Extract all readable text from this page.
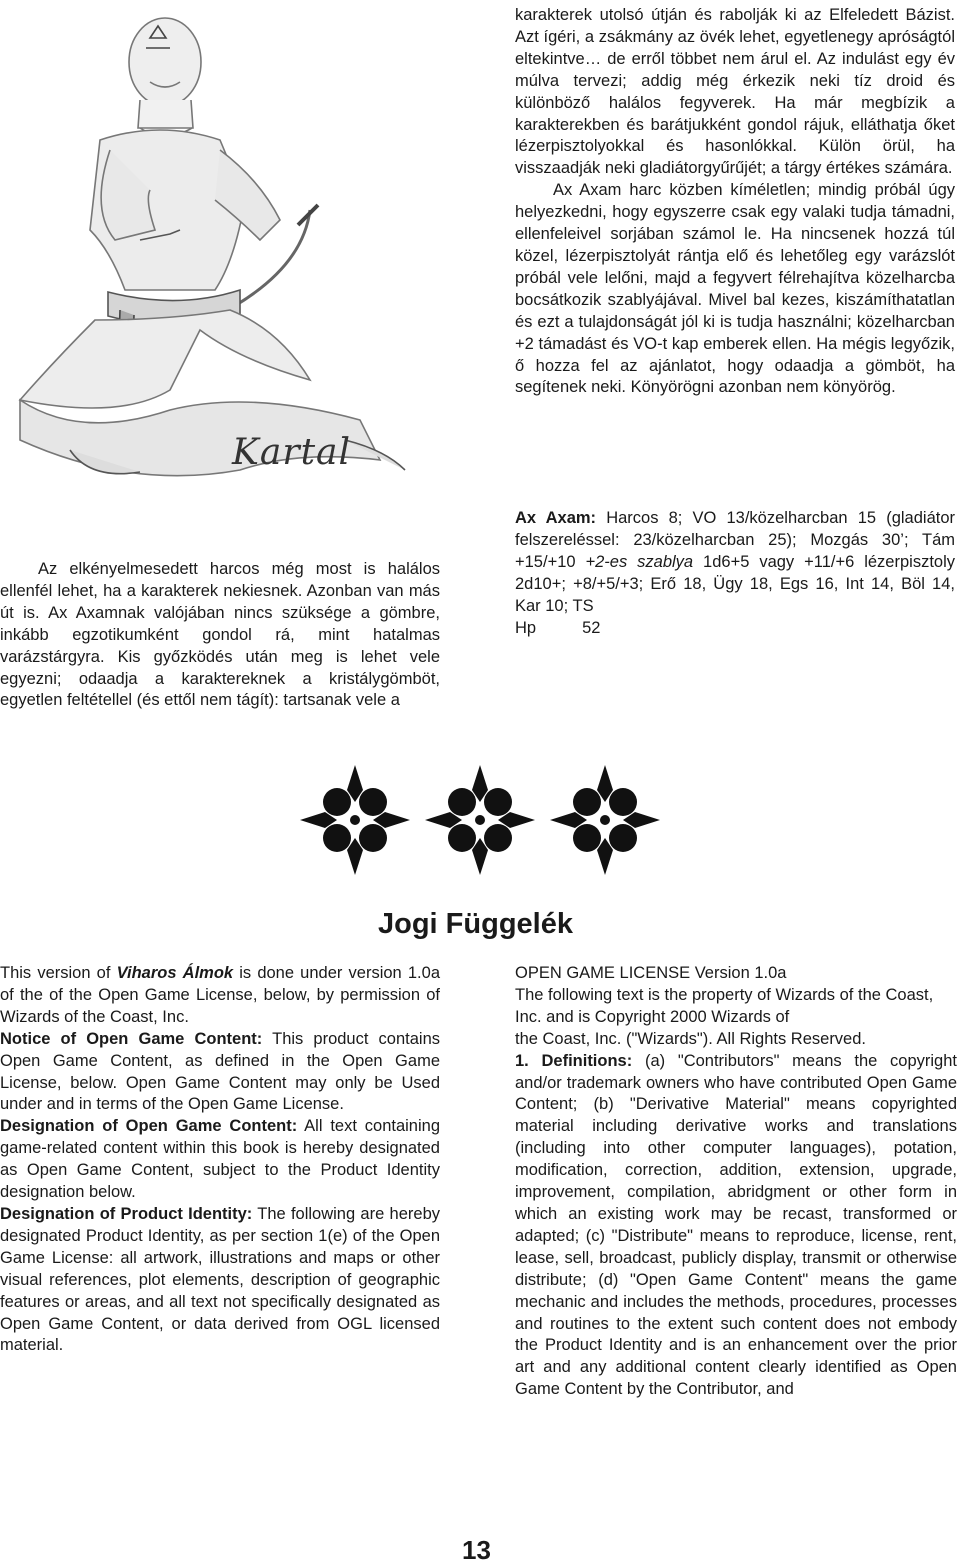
Kartal

karakterek utolsó útján és rabolják ki az Elfeledett Bázist. Azt ígéri, a zsákmány az övék lehet, egyetlenegy apróságtól eltekintve… de erről többet nem árul el. Az indulást egy év múlva tervezi; addig még érkezik neki tíz droid és különböző halálos fegyverek. Ha már megbízik a karakterekben és barátjukként gondol rájuk, elláthatja őket lézerpisztolyokkal és hasonlókkal. Külön örül, ha visszaadják neki gladiátorgyűrűjét; a tárgy értékes számára.

Ax Axam harc közben kíméletlen; mindig próbál úgy helyezkedni, hogy egyszerre csak egy valaki tudja támadni, ellenfeleivel sorjában számol le. Ha nincsenek hozzá túl közel, lézerpisztolyát rántja elő és lehetőleg egy varázslót próbál vele lelőni, majd a fegyvert félrehajítva közelharcba bocsátkozik szablyájával. Mivel bal kezes, kiszámíthatatlan és ezt a tulajdonságát jól ki is tudja használni; közelharcban +2 támadást és VO-t kap emberek ellen. Ha mégis legyőzik, ő hozza fel az ajánlatot, hogy odaadja a gömböt, ha segítenek neki. Könyörögni azonban nem könyörög.

Az elkényelmesedett harcos még most is halálos ellenfél lehet, ha a karakterek nekiesnek. Azonban van más út is. Ax Axamnak valójában nincs szüksége a gömbre, inkább egzotikumként gondol rá, mint hatalmas varázstárgyra. Kis győzködés után meg is lehet vele egyezni; odaadja a karaktereknek a kristálygömböt, egyetlen feltétellel (és ettől nem tágít): tartsanak vele a

Ax Axam: Harcos 8; VO 13/közelharcban 15 (gladiátor felszereléssel: 23/közelharcban 25); Mozgás 30’; Tám +15/+10 +2-es szablya 1d6+5 vagy +11/+6 lézerpisztoly 2d10+; +8/+5/+3; Erő 18, Ügy 18, Egs 16, Int 14, Böl 14, Kar 10; TS

Hp	52

Jogi Függelék

This version of Viharos Álmok is done under version 1.0a of the of the Open Game License, below, by permission of Wizards of the Coast, Inc.

Notice of Open Game Content: This product contains Open Game Content, as defined in the Open Game License, below. Open Game Content may only be Used under and in terms of the Open Game License.

Designation of Open Game Content: All text containing game-related content within this book is hereby designated as Open Game Content, subject to the Product Identity designation below.

Designation of Product Identity: The following are hereby designated Product Identity, as per section 1(e) of the Open Game License: all artwork, illustrations and maps or other visual references, plot elements, description of geographic features or areas, and all text not specifically designated as Open Game Content, or data derived from OGL licensed material.

OPEN GAME LICENSE Version 1.0a

The following text is the property of Wizards of the Coast, Inc. and is Copyright 2000 Wizards of

the Coast, Inc. ("Wizards"). All Rights Reserved.

1. Definitions: (a) "Contributors" means the copyright and/or trademark owners who have contributed Open Game Content; (b) "Derivative Material" means copyrighted material including derivative works and translations (including into other computer languages), potation, modification, correction, addition, extension, upgrade, improvement, compilation, abridgment or other form in which an existing work may be recast, transformed or adapted; (c) "Distribute" means to reproduce, license, rent, lease, sell, broadcast, publicly display, transmit or otherwise distribute; (d) "Open Game Content" means the game mechanic and includes the methods, procedures, processes and routines to the extent such content does not embody the Product Identity and is an enhancement over the prior art and any additional content clearly identified as Open Game Content by the Contributor, and

13
